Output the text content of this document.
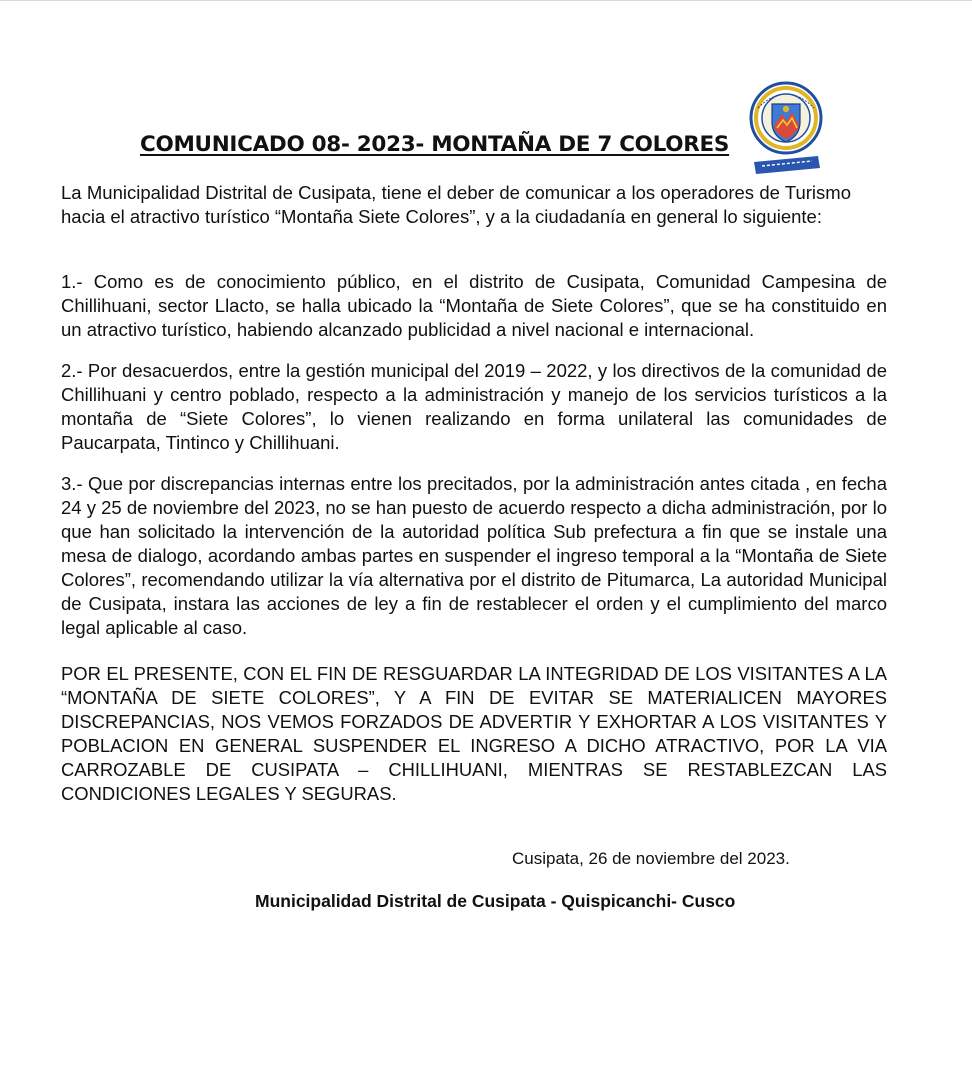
COMUNICADO 08- 2023- MONTAÑA DE 7 COLORES

La Municipalidad Distrital de Cusipata, tiene el deber de comunicar a los operadores de Turismo hacia el atractivo turístico “Montaña Siete Colores”, y a la ciudadanía en general lo siguiente:

1.- Como es de conocimiento público, en el distrito de Cusipata, Comunidad Campesina de Chillihuani, sector Llacto, se halla ubicado la “Montaña de Siete Colores”, que se ha constituido en un atractivo turístico, habiendo alcanzado publicidad a nivel nacional e internacional.

2.- Por desacuerdos, entre la gestión municipal del 2019 – 2022, y los directivos de la comunidad de Chillihuani y centro poblado, respecto a la administración y manejo de los servicios turísticos a la montaña de “Siete Colores”, lo vienen realizando en forma unilateral las comunidades de Paucarpata, Tintinco y Chillihuani.

3.- Que por discrepancias internas entre los precitados, por la administración antes citada , en fecha 24 y 25 de noviembre del 2023, no se han puesto de acuerdo respecto a dicha administración, por lo que han solicitado la intervención de la autoridad política Sub prefectura a fin que se instale una mesa de dialogo, acordando ambas partes en suspender el ingreso temporal a la “Montaña de Siete Colores”, recomendando utilizar la vía alternativa por el distrito de Pitumarca, La autoridad Municipal de Cusipata, instara las acciones de ley a fin de restablecer el orden y el cumplimiento del marco legal aplicable al caso.

POR EL PRESENTE, CON EL FIN DE RESGUARDAR LA INTEGRIDAD DE LOS VISITANTES A LA “MONTAÑA DE SIETE COLORES”, Y A FIN DE EVITAR SE MATERIALICEN MAYORES DISCREPANCIAS, NOS VEMOS FORZADOS DE ADVERTIR Y EXHORTAR A LOS VISITANTES Y POBLACION EN GENERAL SUSPENDER EL INGRESO A DICHO ATRACTIVO, POR LA VIA CARROZABLE DE CUSIPATA – CHILLIHUANI, MIENTRAS SE RESTABLEZCAN LAS CONDICIONES LEGALES Y SEGURAS.

Cusipata, 26 de noviembre del 2023.
Municipalidad Distrital de Cusipata - Quispicanchi- Cusco
